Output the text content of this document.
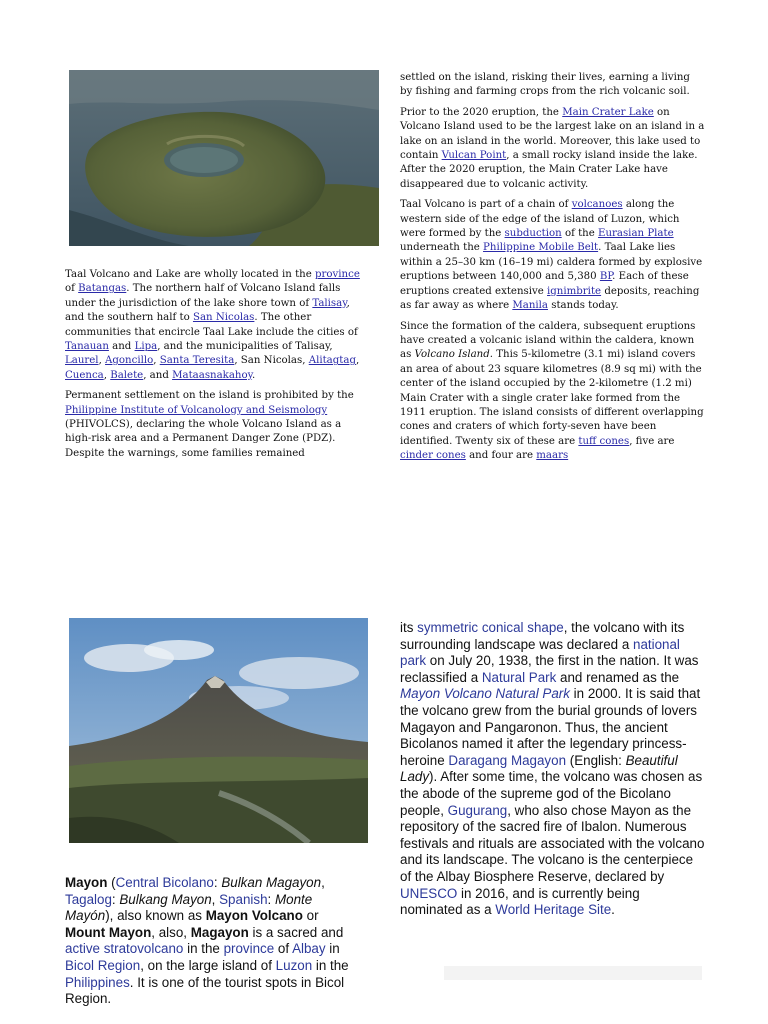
Taal Volcano and Lake are wholly located in the province of Batangas. The northern half of Volcano Island falls under the jurisdiction of the lake shore town of Talisay, and the southern half to San Nicolas. The other communities that encircle Taal Lake include the cities of Tanauan and Lipa, and the municipalities of Talisay, Laurel, Agoncillo, Santa Teresita, San Nicolas, Alitagtag, Cuenca, Balete, and Mataasnakahoy.

Permanent settlement on the island is prohibited by the Philippine Institute of Volcanology and Seismology (PHIVOLCS), declaring the whole Volcano Island as a high-risk area and a Permanent Danger Zone (PDZ). Despite the warnings, some families remained

settled on the island, risking their lives, earning a living by fishing and farming crops from the rich volcanic soil.

Prior to the 2020 eruption, the Main Crater Lake on Volcano Island used to be the largest lake on an island in a lake on an island in the world. Moreover, this lake used to contain Vulcan Point, a small rocky island inside the lake. After the 2020 eruption, the Main Crater Lake have disappeared due to volcanic activity.

Taal Volcano is part of a chain of volcanoes along the western side of the edge of the island of Luzon, which were formed by the subduction of the Eurasian Plate underneath the Philippine Mobile Belt. Taal Lake lies within a 25–30 km (16–19 mi) caldera formed by explosive eruptions between 140,000 and 5,380 BP. Each of these eruptions created extensive ignimbrite deposits, reaching as far away as where Manila stands today.

Since the formation of the caldera, subsequent eruptions have created a volcanic island within the caldera, known as Volcano Island. This 5-kilometre (3.1 mi) island covers an area of about 23 square kilometres (8.9 sq mi) with the center of the island occupied by the 2-kilometre (1.2 mi) Main Crater with a single crater lake formed from the 1911 eruption. The island consists of different overlapping cones and craters of which forty-seven have been identified. Twenty six of these are tuff cones, five are cinder cones and four are maars

Mayon (Central Bicolano: Bulkan Magayon, Tagalog: Bulkang Mayon, Spanish: Monte Mayón), also known as Mayon Volcano or Mount Mayon, also, Magayon is a sacred and active stratovolcano in the province of Albay in Bicol Region, on the large island of Luzon in the Philippines. It is one of the tourist spots in Bicol Region.

its symmetric conical shape, the volcano with its surrounding landscape was declared a national park on July 20, 1938, the first in the nation. It was reclassified a Natural Park and renamed as the Mayon Volcano Natural Park in 2000. It is said that the volcano grew from the burial grounds of lovers Magayon and Pangaronon. Thus, the ancient Bicolanos named it after the legendary princess-heroine Daragang Magayon (English: Beautiful Lady). After some time, the volcano was chosen as the abode of the supreme god of the Bicolano people, Gugurang, who also chose Mayon as the repository of the sacred fire of Ibalon. Numerous festivals and rituals are associated with the volcano and its landscape. The volcano is the centerpiece of the Albay Biosphere Reserve, declared by UNESCO in 2016, and is currently being nominated as a World Heritage Site.
